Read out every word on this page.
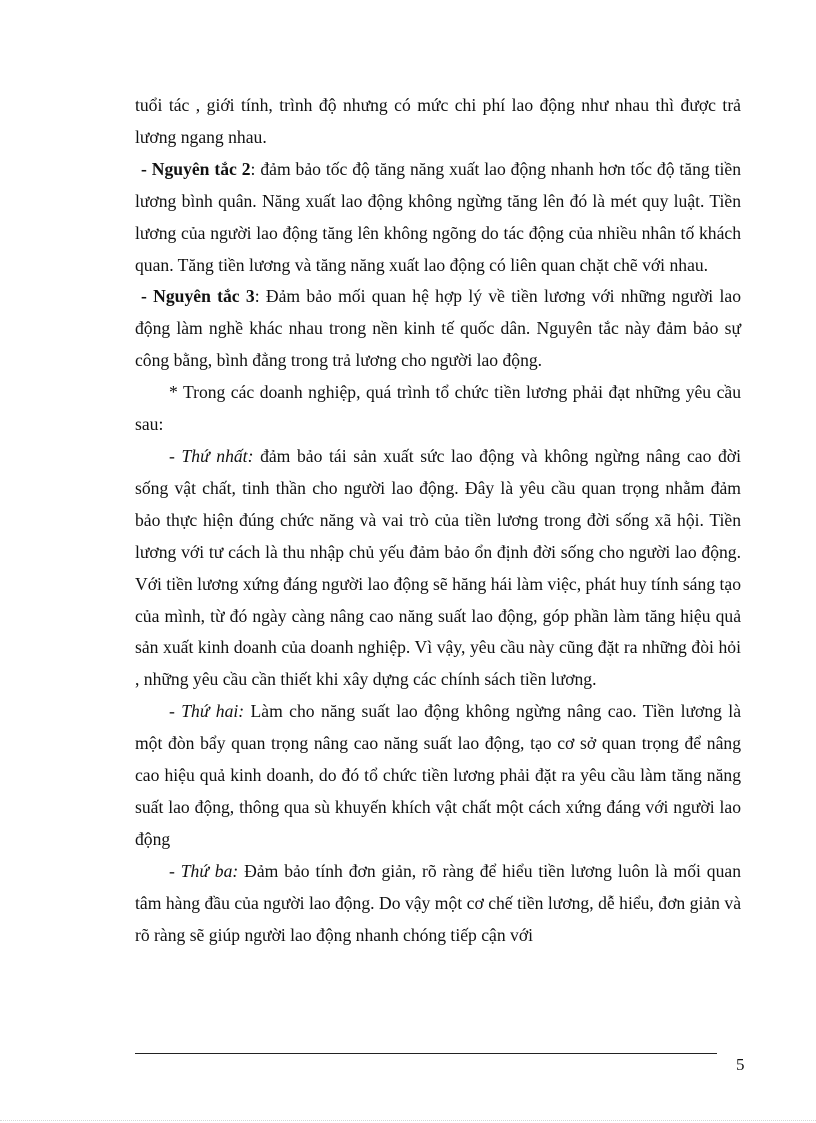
tuổi tác , giới tính, trình độ nhưng có mức chi phí lao động như nhau thì được trả lương ngang nhau.

- Nguyên tắc 2: đảm bảo tốc độ tăng năng xuất lao động nhanh hơn tốc độ tăng tiền lương bình quân. Năng xuất lao động không ngừng tăng lên đó là mét quy luật. Tiền lương của người lao động tăng lên không ngõng do tác động của nhiều nhân tố khách quan. Tăng tiền lương và tăng năng xuất lao động có liên quan chặt chẽ với nhau.

- Nguyên tắc 3: Đảm bảo mối quan hệ hợp lý về tiền lương với những người lao động làm nghề khác nhau trong nền kinh tế quốc dân. Nguyên tắc này đảm bảo sự công bằng, bình đẳng trong trả lương cho người lao động.

* Trong các doanh nghiệp, quá trình tổ chức tiền lương phải đạt những yêu cầu sau:

- Thứ nhất: đảm bảo tái sản xuất sức lao động và không ngừng nâng cao đời sống vật chất, tinh thần cho người lao động. Đây là yêu cầu quan trọng nhằm đảm bảo thực hiện đúng chức năng và vai trò của tiền lương trong đời sống xã hội. Tiền lương với tư cách là thu nhập chủ yếu đảm bảo ổn định đời sống cho người lao động. Với tiền lương xứng đáng người lao động sẽ hăng hái làm việc, phát huy tính sáng tạo của mình, từ đó ngày càng nâng cao năng suất lao động, góp phần làm tăng hiệu quả sản xuất kinh doanh của doanh nghiệp. Vì vậy, yêu cầu này cũng đặt ra những đòi hỏi , những yêu cầu cần thiết khi xây dựng các chính sách tiền lương.

- Thứ hai: Làm cho năng suất lao động không ngừng nâng cao. Tiền lương là một đòn bẩy quan trọng nâng cao năng suất lao động, tạo cơ sở quan trọng để nâng cao hiệu quả kinh doanh, do đó tổ chức tiền lương phải đặt ra yêu cầu làm tăng năng suất lao động, thông qua sù khuyến khích vật chất một cách xứng đáng với người lao động

- Thứ ba: Đảm bảo tính đơn giản, rõ ràng để hiểu tiền lương luôn là mối quan tâm hàng đầu của người lao động. Do vậy một cơ chế tiền lương, dễ hiểu, đơn giản và rõ ràng sẽ giúp người lao động nhanh chóng tiếp cận với

5
